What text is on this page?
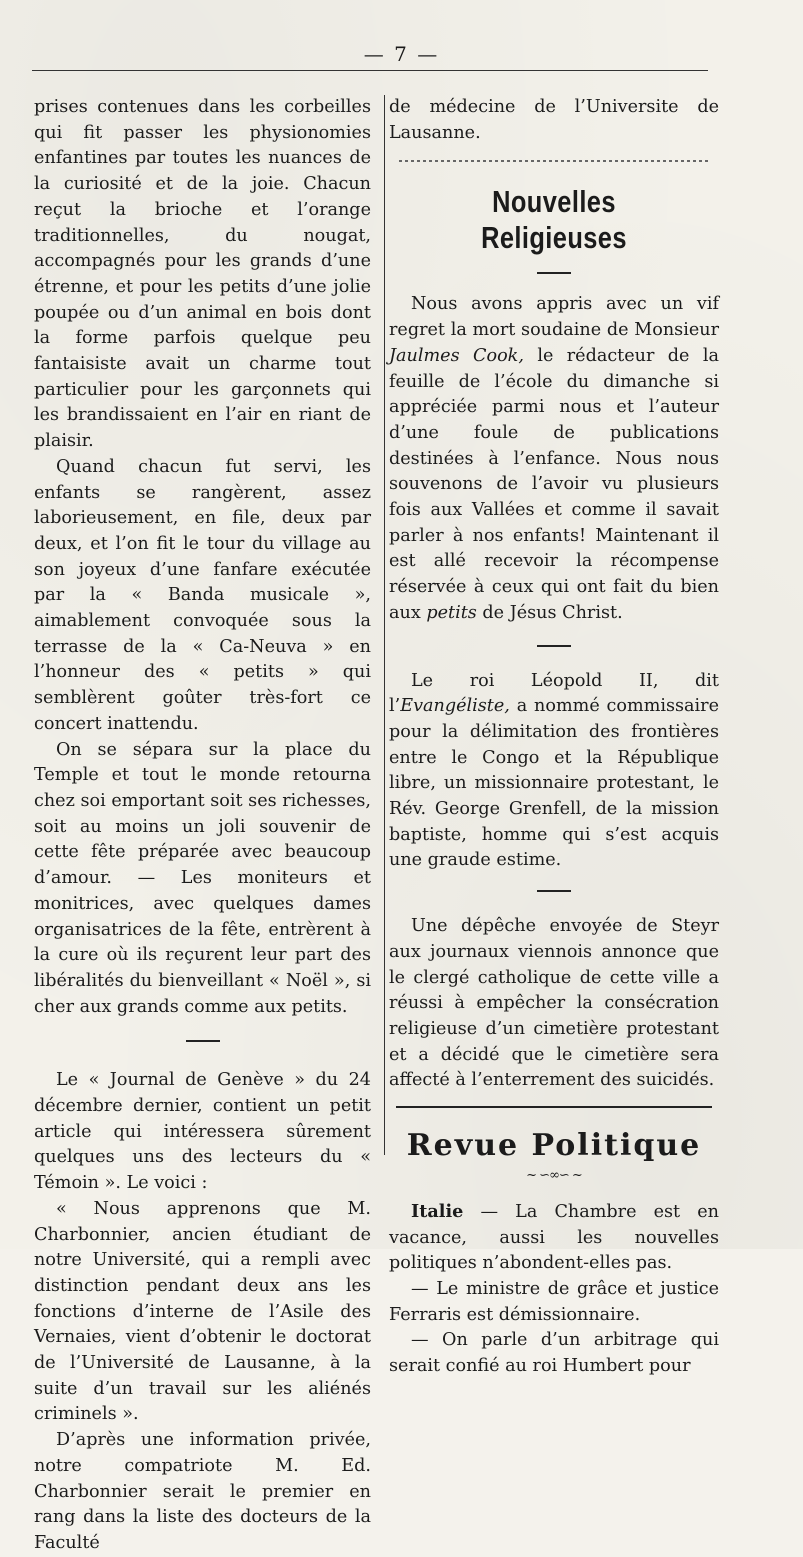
— 7 —

prises contenues dans les corbeilles qui fit passer les physionomies enfantines par toutes les nuances de la curiosité et de la joie. Chacun reçut la brioche et l’orange traditionnelles, du nougat, accompagnés pour les grands d’une étrenne, et pour les petits d’une jolie poupée ou d’un animal en bois dont la forme parfois quelque peu fantaisiste avait un charme tout particulier pour les garçonnets qui les brandissaient en l’air en riant de plaisir.

Quand chacun fut servi, les enfants se rangèrent, assez laborieusement, en file, deux par deux, et l’on fit le tour du village au son joyeux d’une fanfare exécutée par la « Banda musicale », aimablement convoquée sous la terrasse de la « Ca-Neuva » en l’honneur des « petits » qui semblèrent goûter très-fort ce concert inattendu.

On se sépara sur la place du Temple et tout le monde retourna chez soi emportant soit ses richesses, soit au moins un joli souvenir de cette fête préparée avec beaucoup d’amour. — Les moniteurs et monitrices, avec quelques dames organisatrices de la fête, entrèrent à la cure où ils reçurent leur part des libéralités du bienveillant « Noël », si cher aux grands comme aux petits.

Le « Journal de Genève » du 24 décembre dernier, contient un petit article qui intéressera sûrement quelques uns des lecteurs du « Témoin ». Le voici :

« Nous apprenons que M. Charbonnier, ancien étudiant de notre Université, qui a rempli avec distinction pendant deux ans les fonctions d’interne de l’Asile des Vernaies, vient d’obtenir le doctorat de l’Université de Lausanne, à la suite d’un travail sur les aliénés criminels ».

D’après une information privée, notre compatriote M. Ed. Charbonnier serait le premier en rang dans la liste des docteurs de la Faculté

de médecine de l’Universite de Lausanne.

Nouvelles Religieuses

Nous avons appris avec un vif regret la mort soudaine de Monsieur Jaulmes Cook, le rédacteur de la feuille de l’école du dimanche si appréciée parmi nous et l’auteur d’une foule de publications destinées à l’enfance. Nous nous souvenons de l’avoir vu plusieurs fois aux Vallées et comme il savait parler à nos enfants! Maintenant il est allé recevoir la récompense réservée à ceux qui ont fait du bien aux petits de Jésus Christ.

Le roi Léopold II, dit l’Evangéliste, a nommé commissaire pour la délimitation des frontières entre le Congo et la République libre, un missionnaire protestant, le Rév. George Grenfell, de la mission baptiste, homme qui s’est acquis une graude estime.

Une dépêche envoyée de Steyr aux journaux viennois annonce que le clergé catholique de cette ville a réussi à empêcher la consécration religieuse d’un cimetière protestant et a décidé que le cimetière sera affecté à l’enterrement des suicidés.

Revue Politique

~ ∽∞∽ ~

Italie — La Chambre est en vacance, aussi les nouvelles politiques n’abondent-elles pas.

— Le ministre de grâce et justice Ferraris est démissionnaire.

— On parle d’un arbitrage qui serait confié au roi Humbert pour
